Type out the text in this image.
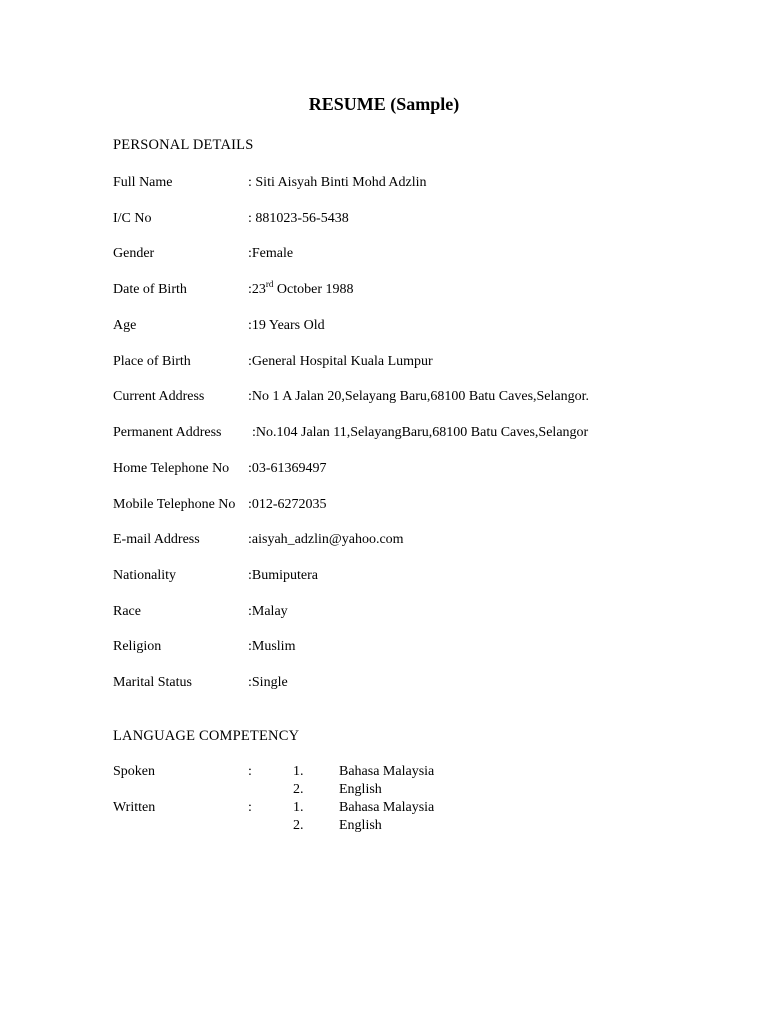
RESUME (Sample)
PERSONAL DETAILS
Full Name	: Siti Aisyah Binti Mohd Adzlin
I/C No	: 881023-56-5438
Gender	:Female
Date of Birth	:23rd October 1988
Age	:19 Years Old
Place of Birth	:General Hospital Kuala Lumpur
Current Address	:No 1 A Jalan 20,Selayang Baru,68100 Batu Caves,Selangor.
Permanent Address :No.104 Jalan 11,SelayangBaru,68100 Batu Caves,Selangor
Home Telephone No :03-61369497
Mobile Telephone No :012-6272035
E-mail Address	:aisyah_adzlin@yahoo.com
Nationality	:Bumiputera
Race	:Malay
Religion	:Muslim
Marital Status	:Single
LANGUAGE COMPETENCY
Spoken	:	1.	Bahasa Malaysia
2.	English
Written	:	1.	Bahasa Malaysia
2.	English
